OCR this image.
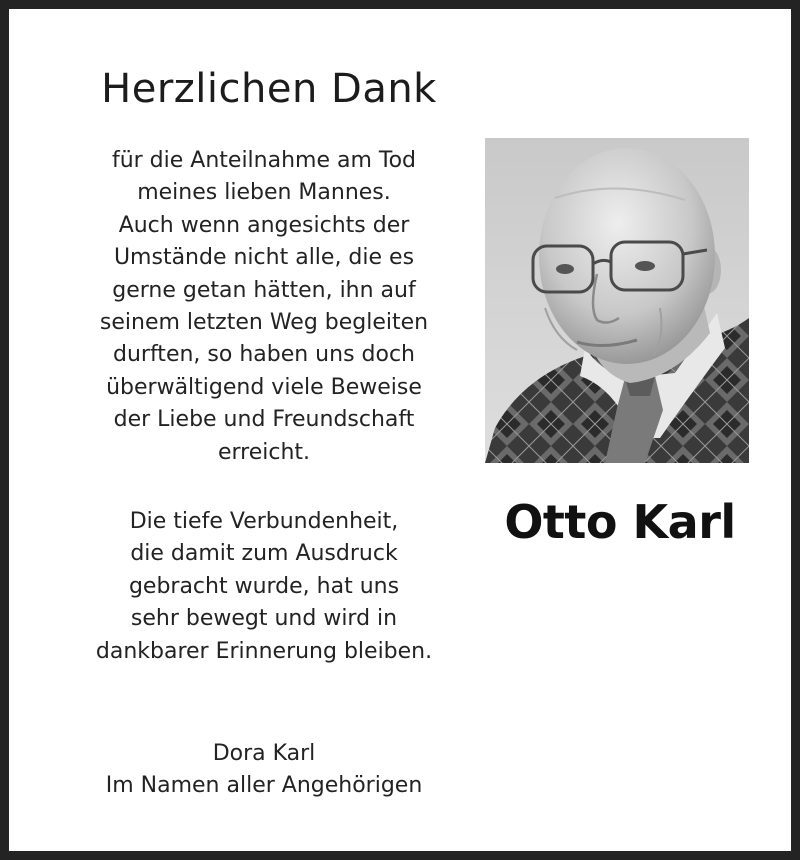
Herzlichen Dank
für die Anteilnahme am Tod
meines lieben Mannes.
Auch wenn angesichts der
Umstände nicht alle, die es
gerne getan hätten, ihn auf
seinem letzten Weg begleiten
durften, so haben uns doch
überwältigend viele Beweise
der Liebe und Freundschaft
erreicht.
Die tiefe Verbundenheit,
die damit zum Ausdruck
gebracht wurde, hat uns
sehr bewegt und wird in
dankbarer Erinnerung bleiben.
Dora Karl
Im Namen aller Angehörigen
Otto Karl
